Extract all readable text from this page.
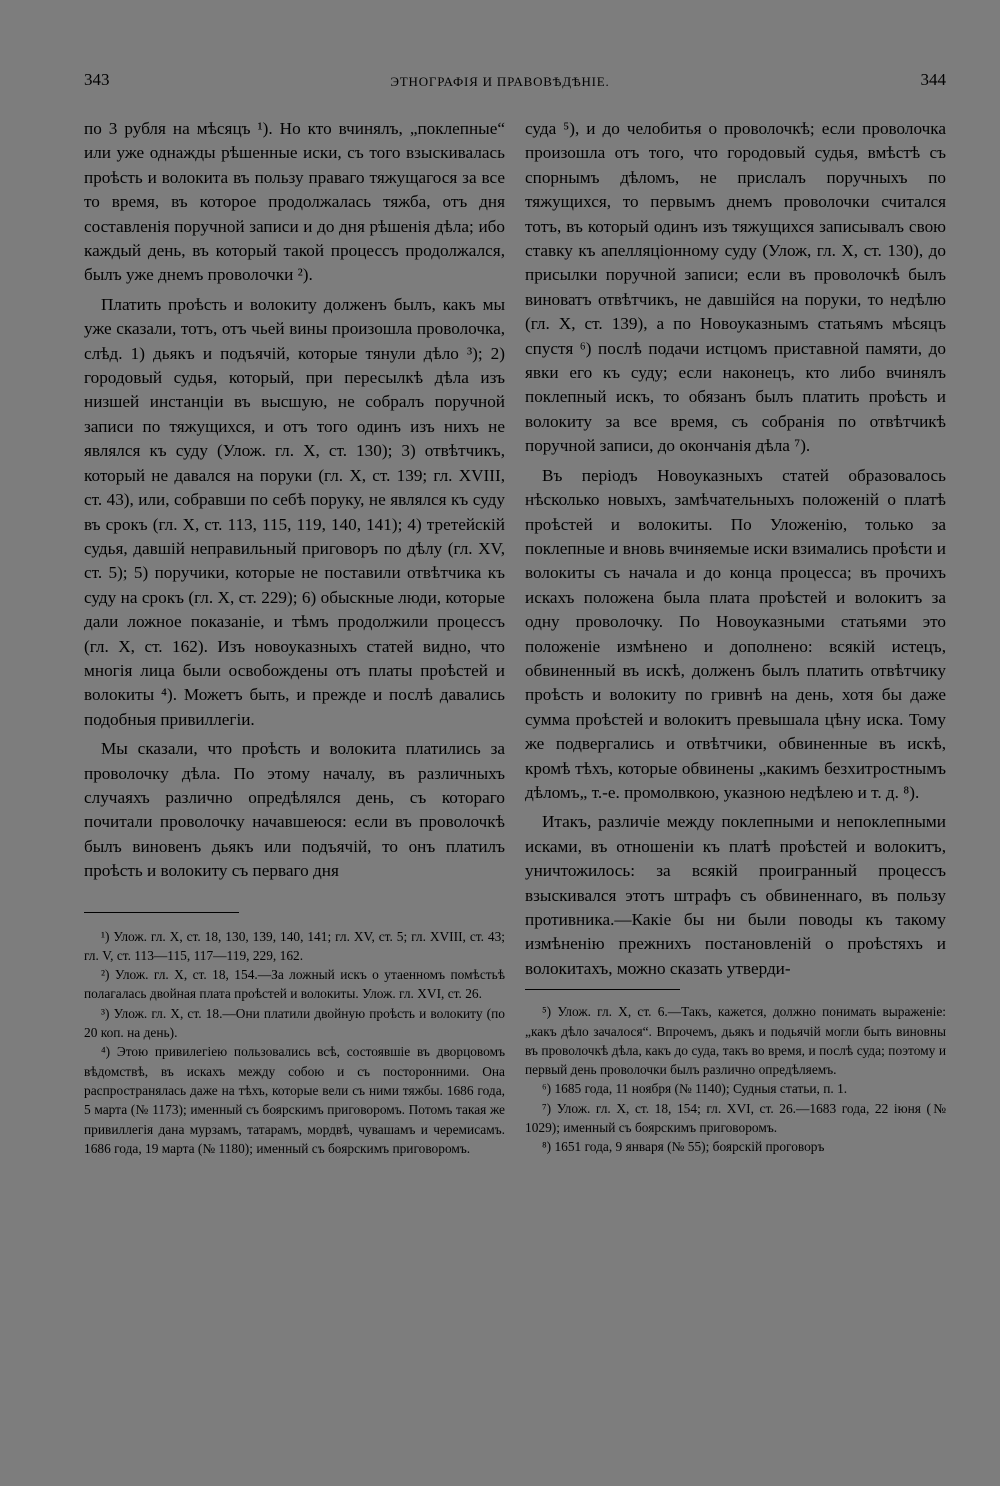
343	ЭТНОГРАФІЯ И ПРАВОВѢДѢНІЕ.	344

по 3 рубля на мѣсяцъ ¹). Но кто вчинялъ, „поклепные“ или уже однажды рѣшенные иски, съ того взыскивалась проѣсть и волокита въ пользу праваго тяжущагося за все то время, въ которое продолжалась тяжба, отъ дня составленія поручной записи и до дня рѣшенія дѣла; ибо каждый день, въ который такой процессъ продолжался, былъ уже днемъ проволочки ²).

Платить проѣсть и волокиту долженъ былъ, какъ мы уже сказали, тотъ, отъ чьей вины произошла проволочка, слѣд. 1) дьякъ и подъячій, которые тянули дѣло ³); 2) городовый судья, который, при пересылкѣ дѣла изъ низшей инстанціи въ высшую, не собралъ поручной записи по тяжущихся, и отъ того одинъ изъ нихъ не являлся къ суду (Улож. гл. X, ст. 130); 3) отвѣтчикъ, который не давался на поруки (гл. X, ст. 139; гл. XVIII, ст. 43), или, собравши по себѣ поруку, не являлся къ суду въ срокъ (гл. X, ст. 113, 115, 119, 140, 141); 4) третейскій судья, давшій неправильный приговоръ по дѣлу (гл. XV, ст. 5); 5) поручики, которые не поставили отвѣтчика къ суду на срокъ (гл. X, ст. 229); 6) обыскные люди, которые дали ложное показаніе, и тѣмъ продолжили процессъ (гл. X, ст. 162). Изъ новоуказныхъ статей видно, что многія лица были освобождены отъ платы проѣстей и волокиты ⁴). Можетъ быть, и прежде и послѣ давались подобныя привиллегіи.

Мы сказали, что проѣсть и волокита платились за проволочку дѣла. По этому началу, въ различныхъ случаяхъ различно опредѣлялся день, съ котораго почитали проволочку начавшеюся: если въ проволочкѣ былъ виновенъ дьякъ или подъячій, то онъ платилъ проѣсть и волокиту съ перваго дня

¹) Улож. гл. X, ст. 18, 130, 139, 140, 141; гл. XV, ст. 5; гл. XVIII, ст. 43; гл. V, ст. 113—115, 117—119, 229, 162.

²) Улож. гл. X, ст. 18, 154.—За ложный искъ о утаенномъ помѣстьѣ полагалась двойная плата проѣстей и волокиты. Улож. гл. XVI, ст. 26.

³) Улож. гл. X, ст. 18.—Они платили двойную проѣсть и волокиту (по 20 коп. на день).

⁴) Этою привилегіею пользовались всѣ, состоявшіе въ дворцовомъ вѣдомствѣ, въ искахъ между собою и съ посторонними. Она распространялась даже на тѣхъ, которые вели съ ними тяжбы. 1686 года, 5 марта (№ 1173); именный съ боярскимъ приговоромъ. Потомъ такая же привиллегія дана мурзамъ, татарамъ, мордвѣ, чувашамъ и черемисамъ. 1686 года, 19 марта (№ 1180); именный съ боярскимъ приговоромъ.

суда ⁵), и до челобитья о проволочкѣ; если проволочка произошла отъ того, что городовый судья, вмѣстѣ съ спорнымъ дѣломъ, не прислалъ поручныхъ по тяжущихся, то первымъ днемъ проволочки считался тотъ, въ который одинъ изъ тяжущихся записывалъ свою ставку къ апелляціонному суду (Улож, гл. X, ст. 130), до присылки поручной записи; если въ проволочкѣ былъ виноватъ отвѣтчикъ, не давшійся на поруки, то недѣлю (гл. X, ст. 139), а по Новоуказнымъ статьямъ мѣсяцъ спустя ⁶) послѣ подачи истцомъ приставной памяти, до явки его къ суду; если наконецъ, кто либо вчинялъ поклепный искъ, то обязанъ былъ платить проѣсть и волокиту за все время, съ собранія по отвѣтчикѣ поручной записи, до окончанія дѣла ⁷).

Въ періодъ Новоуказныхъ статей образовалось нѣсколько новыхъ, замѣчательныхъ положеній о платѣ проѣстей и волокиты. По Уложенію, только за поклепные и вновь вчиняемые иски взимались проѣсти и волокиты съ начала и до конца процесса; въ прочихъ искахъ положена была плата проѣстей и волокитъ за одну проволочку. По Новоуказными статьями это положеніе измѣнено и дополнено: всякій истецъ, обвиненный въ искѣ, долженъ былъ платить отвѣтчику проѣсть и волокиту по гривнѣ на день, хотя бы даже сумма проѣстей и волокитъ превышала цѣну иска. Тому же подвергались и отвѣтчики, обвиненные въ искѣ, кромѣ тѣхъ, которые обвинены „какимъ безхитростнымъ дѣломъ„ т.-е. промолвкою, указною недѣлею и т. д. ⁸).

Итакъ, различіе между поклепными и непоклепными исками, въ отношеніи къ платѣ проѣстей и волокитъ, уничтожилось: за всякій проигранный процессъ взыскивался этотъ штрафъ съ обвиненнаго, въ пользу противника.—Какіе бы ни были поводы къ такому измѣненію прежнихъ постановленій о проѣстяхъ и волокитахъ, можно сказать утверди-

⁵) Улож. гл. X, ст. 6.—Такъ, кажется, должно понимать выраженіе: „какъ дѣло зачалося“. Впрочемъ, дьякъ и подьячій могли быть виновны въ проволочкѣ дѣла, какъ до суда, такъ во время, и послѣ суда; поэтому и первый день проволочки былъ различно опредѣляемъ.

⁶) 1685 года, 11 ноября (№ 1140); Судныя статьи, п. 1.

⁷) Улож. гл. X, ст. 18, 154; гл. XVI, ст. 26.—1683 года, 22 іюня (№ 1029); именный съ боярскимъ приговоромъ.

⁸) 1651 года, 9 января (№ 55); боярскій проговоръ
